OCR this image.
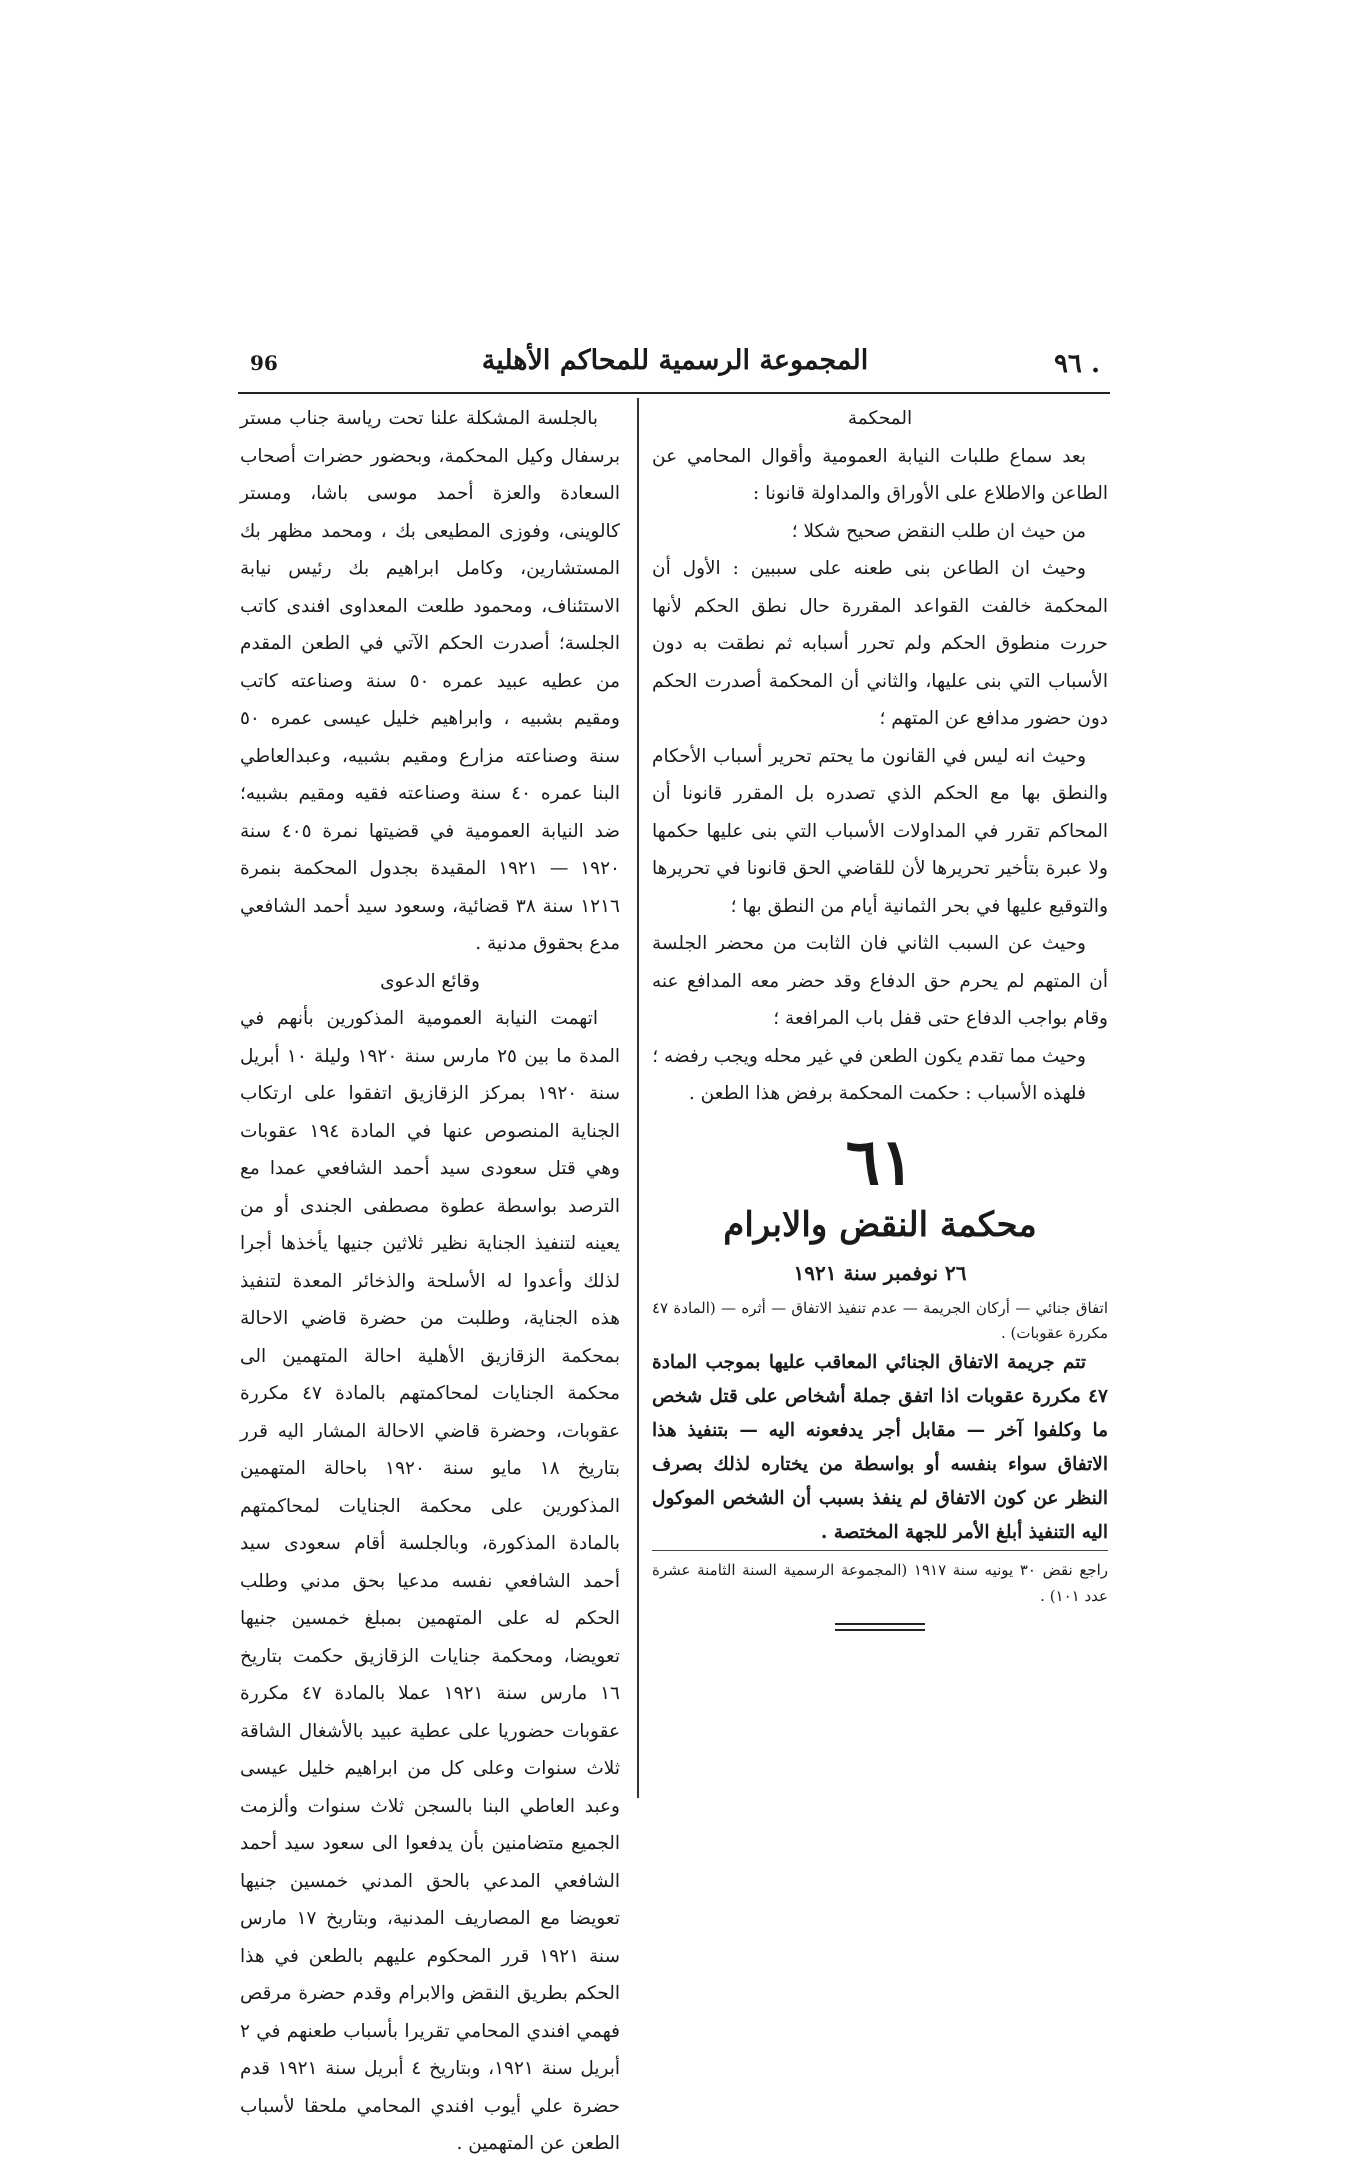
96	المجموعة الرسمية للمحاكم الأهلية	٩٦ .

المحكمة

بعد سماع طلبات النيابة العمومية وأقوال المحامي عن الطاعن والاطلاع على الأوراق والمداولة قانونا :

من حيث ان طلب النقض صحيح شكلا ؛

وحيث ان الطاعن بنى طعنه على سببين : الأول أن المحكمة خالفت القواعد المقررة حال نطق الحكم لأنها حررت منطوق الحكم ولم تحرر أسبابه ثم نطقت به دون الأسباب التي بنى عليها، والثاني أن المحكمة أصدرت الحكم دون حضور مدافع عن المتهم ؛

وحيث انه ليس في القانون ما يحتم تحرير أسباب الأحكام والنطق بها مع الحكم الذي تصدره بل المقرر قانونا أن المحاكم تقرر في المداولات الأسباب التي بنى عليها حكمها ولا عبرة بتأخير تحريرها لأن للقاضي الحق قانونا في تحريرها والتوقيع عليها في بحر الثمانية أيام من النطق بها ؛

وحيث عن السبب الثاني فان الثابت من محضر الجلسة أن المتهم لم يحرم حق الدفاع وقد حضر معه المدافع عنه وقام بواجب الدفاع حتى قفل باب المرافعة ؛

وحيث مما تقدم يكون الطعن في غير محله ويجب رفضه ؛

فلهذه الأسباب : حكمت المحكمة برفض هذا الطعن .

٦١
محكمة النقض والابرام
٢٦ نوفمبر سنة ١٩٢١

اتفاق جنائي — أركان الجريمة — عدم تنفيذ الاتفاق — أثره — (المادة ٤٧ مكررة عقوبات) .

تتم جريمة الاتفاق الجنائي المعاقب عليها بموجب المادة ٤٧ مكررة عقوبات اذا اتفق جملة أشخاص على قتل شخص ما وكلفوا آخر — مقابل أجر يدفعونه اليه — بتنفيذ هذا الاتفاق سواء بنفسه أو بواسطة من يختاره لذلك بصرف النظر عن كون الاتفاق لم ينفذ بسبب أن الشخص الموكول اليه التنفيذ أبلغ الأمر للجهة المختصة .

راجع نقض ٣٠ يونيه سنة ١٩١٧ (المجموعة الرسمية السنة الثامنة عشرة عدد ١٠١) .

بالجلسة المشكلة علنا تحت رياسة جناب مستر برسفال وكيل المحكمة، وبحضور حضرات أصحاب السعادة والعزة أحمد موسى باشا، ومستر كالوينى، وفوزى المطيعى بك ، ومحمد مظهر بك المستشارين، وكامل ابراهيم بك رئيس نيابة الاستئناف، ومحمود طلعت المعداوى افندى كاتب الجلسة؛ أصدرت الحكم الآتي في الطعن المقدم من عطيه عبيد عمره ٥٠ سنة وصناعته كاتب ومقيم بشبيه ، وابراهيم خليل عيسى عمره ٥٠ سنة وصناعته مزارع ومقيم بشبيه، وعبدالعاطي البنا عمره ٤٠ سنة وصناعته فقيه ومقيم بشبيه؛ ضد النيابة العمومية في قضيتها نمرة ٤٠٥ سنة ١٩٢٠ — ١٩٢١ المقيدة بجدول المحكمة بنمرة ١٢١٦ سنة ٣٨ قضائية، وسعود سيد أحمد الشافعي مدع بحقوق مدنية .

وقائع الدعوى

اتهمت النيابة العمومية المذكورين بأنهم في المدة ما بين ٢٥ مارس سنة ١٩٢٠ وليلة ١٠ أبريل سنة ١٩٢٠ بمركز الزقازيق اتفقوا على ارتكاب الجناية المنصوص عنها في المادة ١٩٤ عقوبات وهي قتل سعودى سيد أحمد الشافعي عمدا مع الترصد بواسطة عطوة مصطفى الجندى أو من يعينه لتنفيذ الجناية نظير ثلاثين جنيها يأخذها أجرا لذلك وأعدوا له الأسلحة والذخائر المعدة لتنفيذ هذه الجناية، وطلبت من حضرة قاضي الاحالة بمحكمة الزقازيق الأهلية احالة المتهمين الى محكمة الجنايات لمحاكمتهم بالمادة ٤٧ مكررة عقوبات، وحضرة قاضي الاحالة المشار اليه قرر بتاريخ ١٨ مايو سنة ١٩٢٠ باحالة المتهمين المذكورين على محكمة الجنايات لمحاكمتهم بالمادة المذكورة، وبالجلسة أقام سعودى سيد أحمد الشافعي نفسه مدعيا بحق مدني وطلب الحكم له على المتهمين بمبلغ خمسين جنيها تعويضا، ومحكمة جنايات الزقازيق حكمت بتاريخ ١٦ مارس سنة ١٩٢١ عملا بالمادة ٤٧ مكررة عقوبات حضوريا على عطية عبيد بالأشغال الشاقة ثلاث سنوات وعلى كل من ابراهيم خليل عيسى وعبد العاطي البنا بالسجن ثلاث سنوات وألزمت الجميع متضامنين بأن يدفعوا الى سعود سيد أحمد الشافعي المدعي بالحق المدني خمسين جنيها تعويضا مع المصاريف المدنية، وبتاريخ ١٧ مارس سنة ١٩٢١ قرر المحكوم عليهم بالطعن في هذا الحكم بطريق النقض والابرام وقدم حضرة مرقص فهمي افندي المحامي تقريرا بأسباب طعنهم في ٢ أبريل سنة ١٩٢١، وبتاريخ ٤ أبريل سنة ١٩٢١ قدم حضرة علي أيوب افندي المحامي ملحقا لأسباب الطعن عن المتهمين .
